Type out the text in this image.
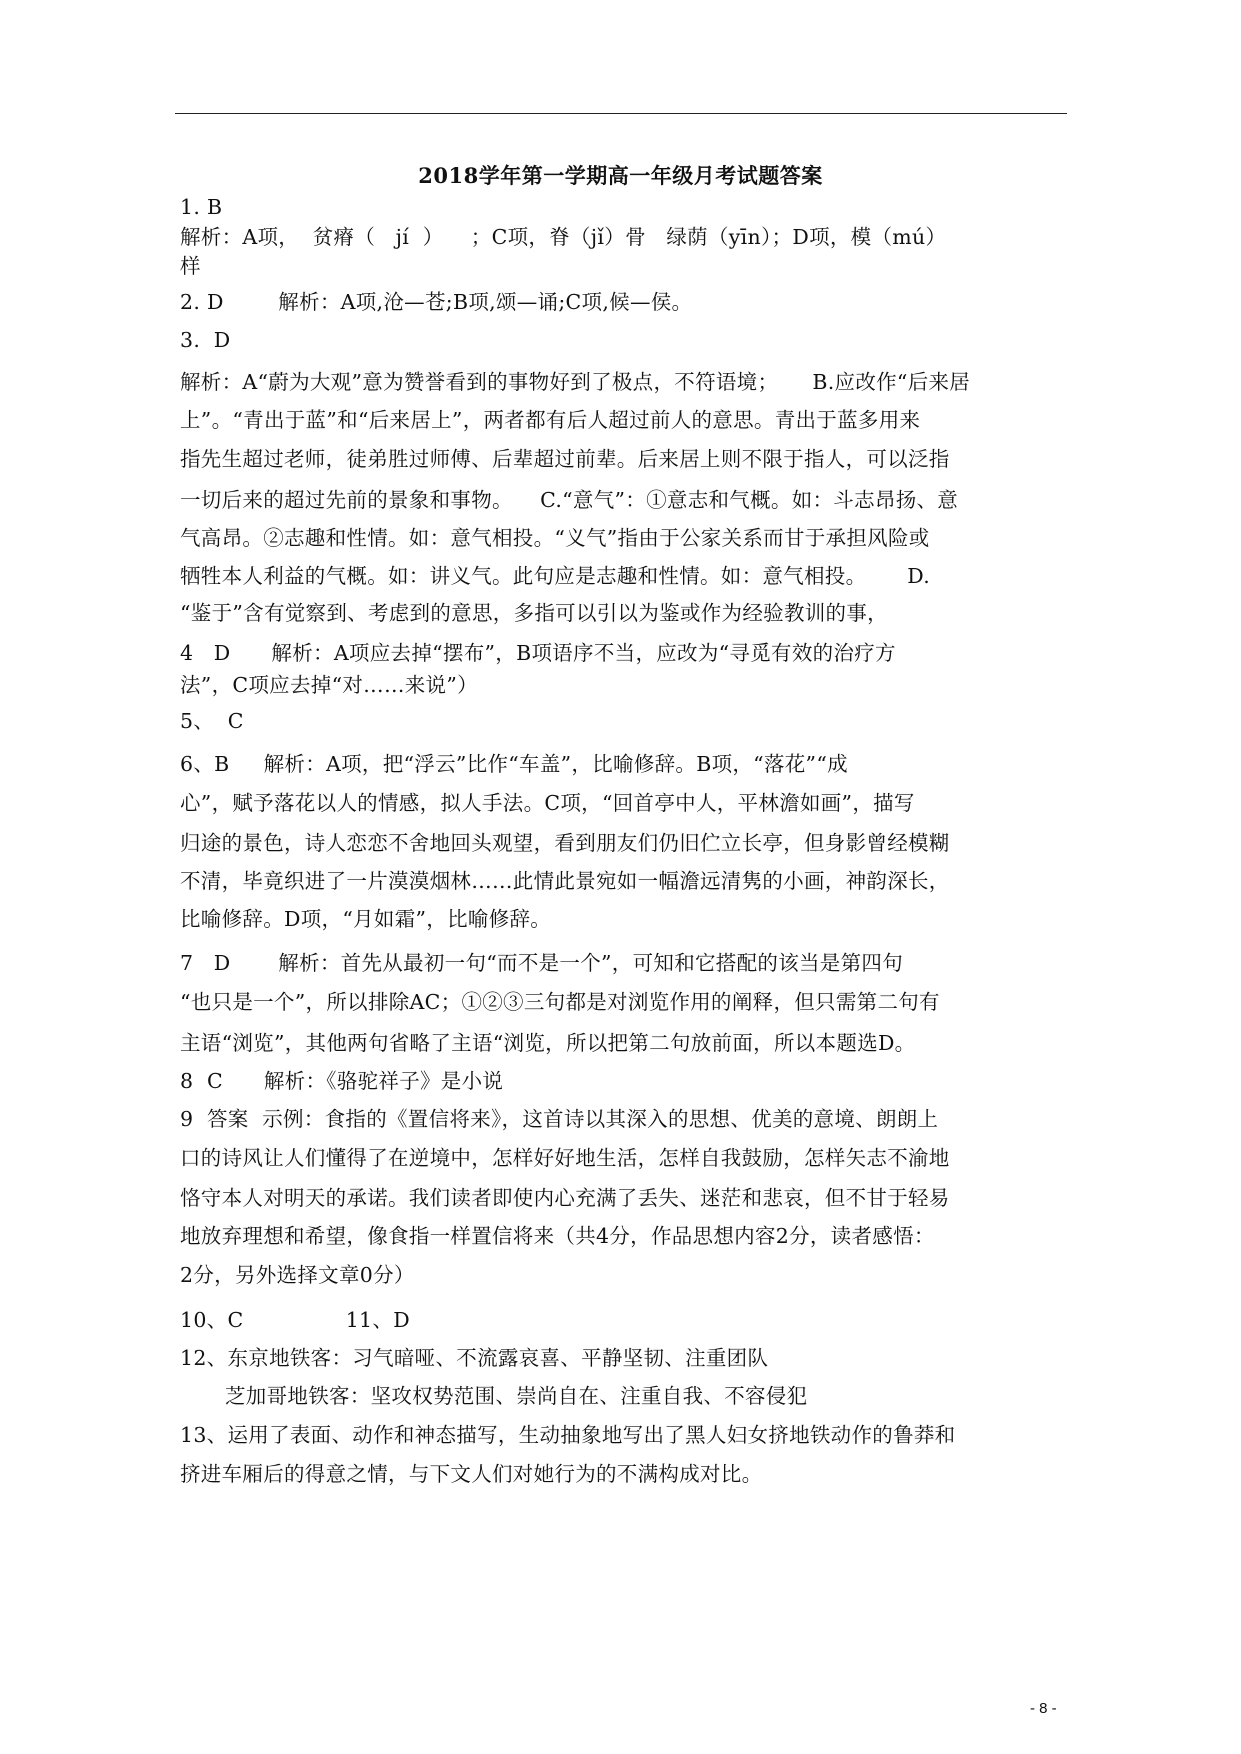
2018学年第一学期高一年级月考试题答案
1. B
解析：A项，  贫瘠（   jí  ）    ；C项，脊（jǐ）骨   绿荫（yīn）；D项，模（mú）
样
2. D        解析：A项,沧—苍;B项,颂—诵;C项,候—侯。
3.  D
解析：A“蔚为大观”意为赞誉看到的事物好到了极点，不符语境；     B.应改作“后来居
上”。“青出于蓝”和“后来居上”，两者都有后人超过前人的意思。青出于蓝多用来
指先生超过老师，徒弟胜过师傅、后辈超过前辈。后来居上则不限于指人，可以泛指
一切后来的超过先前的景象和事物。    C.“意气”：①意志和气概。如：斗志昂扬、意
气高昂。②志趣和性情。如：意气相投。“义气”指由于公家关系而甘于承担风险或
牺牲本人利益的气概。如：讲义气。此句应是志趣和性情。如：意气相投。      D.
“鉴于”含有觉察到、考虑到的意思，多指可以引以为鉴或作为经验教训的事，
4   D      解析：A项应去掉“摆布”，B项语序不当，应改为“寻觅有效的治疗方
法”，C项应去掉“对……来说”）
5、  C
6、B     解析：A项，把“浮云”比作“车盖”，比喻修辞。B项，“落花”“成
心”，赋予落花以人的情感，拟人手法。C项，“回首亭中人，平林澹如画”，描写
归途的景色，诗人恋恋不舍地回头观望，看到朋友们仍旧伫立长亭，但身影曾经模糊
不清，毕竟织进了一片漠漠烟林……此情此景宛如一幅澹远清隽的小画，神韵深长，
比喻修辞。D项，“月如霜”，比喻修辞。
7   D       解析：首先从最初一句“而不是一个”，可知和它搭配的该当是第四句
“也只是一个”，所以排除AC；①②③三句都是对浏览作用的阐释，但只需第二句有
主语“浏览”，其他两句省略了主语“浏览，所以把第二句放前面，所以本题选D。
8  C      解析：《骆驼祥子》是小说
9  答案  示例：食指的《置信将来》，这首诗以其深入的思想、优美的意境、朗朗上
口的诗风让人们懂得了在逆境中，怎样好好地生活，怎样自我鼓励，怎样矢志不渝地
恪守本人对明天的承诺。我们读者即使内心充满了丢失、迷茫和悲哀，但不甘于轻易
地放弃理想和希望，像食指一样置信将来（共4分，作品思想内容2分，读者感悟：
2分，另外选择文章0分）
10、C               11、D
12、东京地铁客：习气暗哑、不流露哀喜、平静坚韧、注重团队
芝加哥地铁客：坚攻权势范围、崇尚自在、注重自我、不容侵犯
13、运用了表面、动作和神态描写，生动抽象地写出了黑人妇女挤地铁动作的鲁莽和
挤进车厢后的得意之情，与下文人们对她行为的不满构成对比。
- 8 -
